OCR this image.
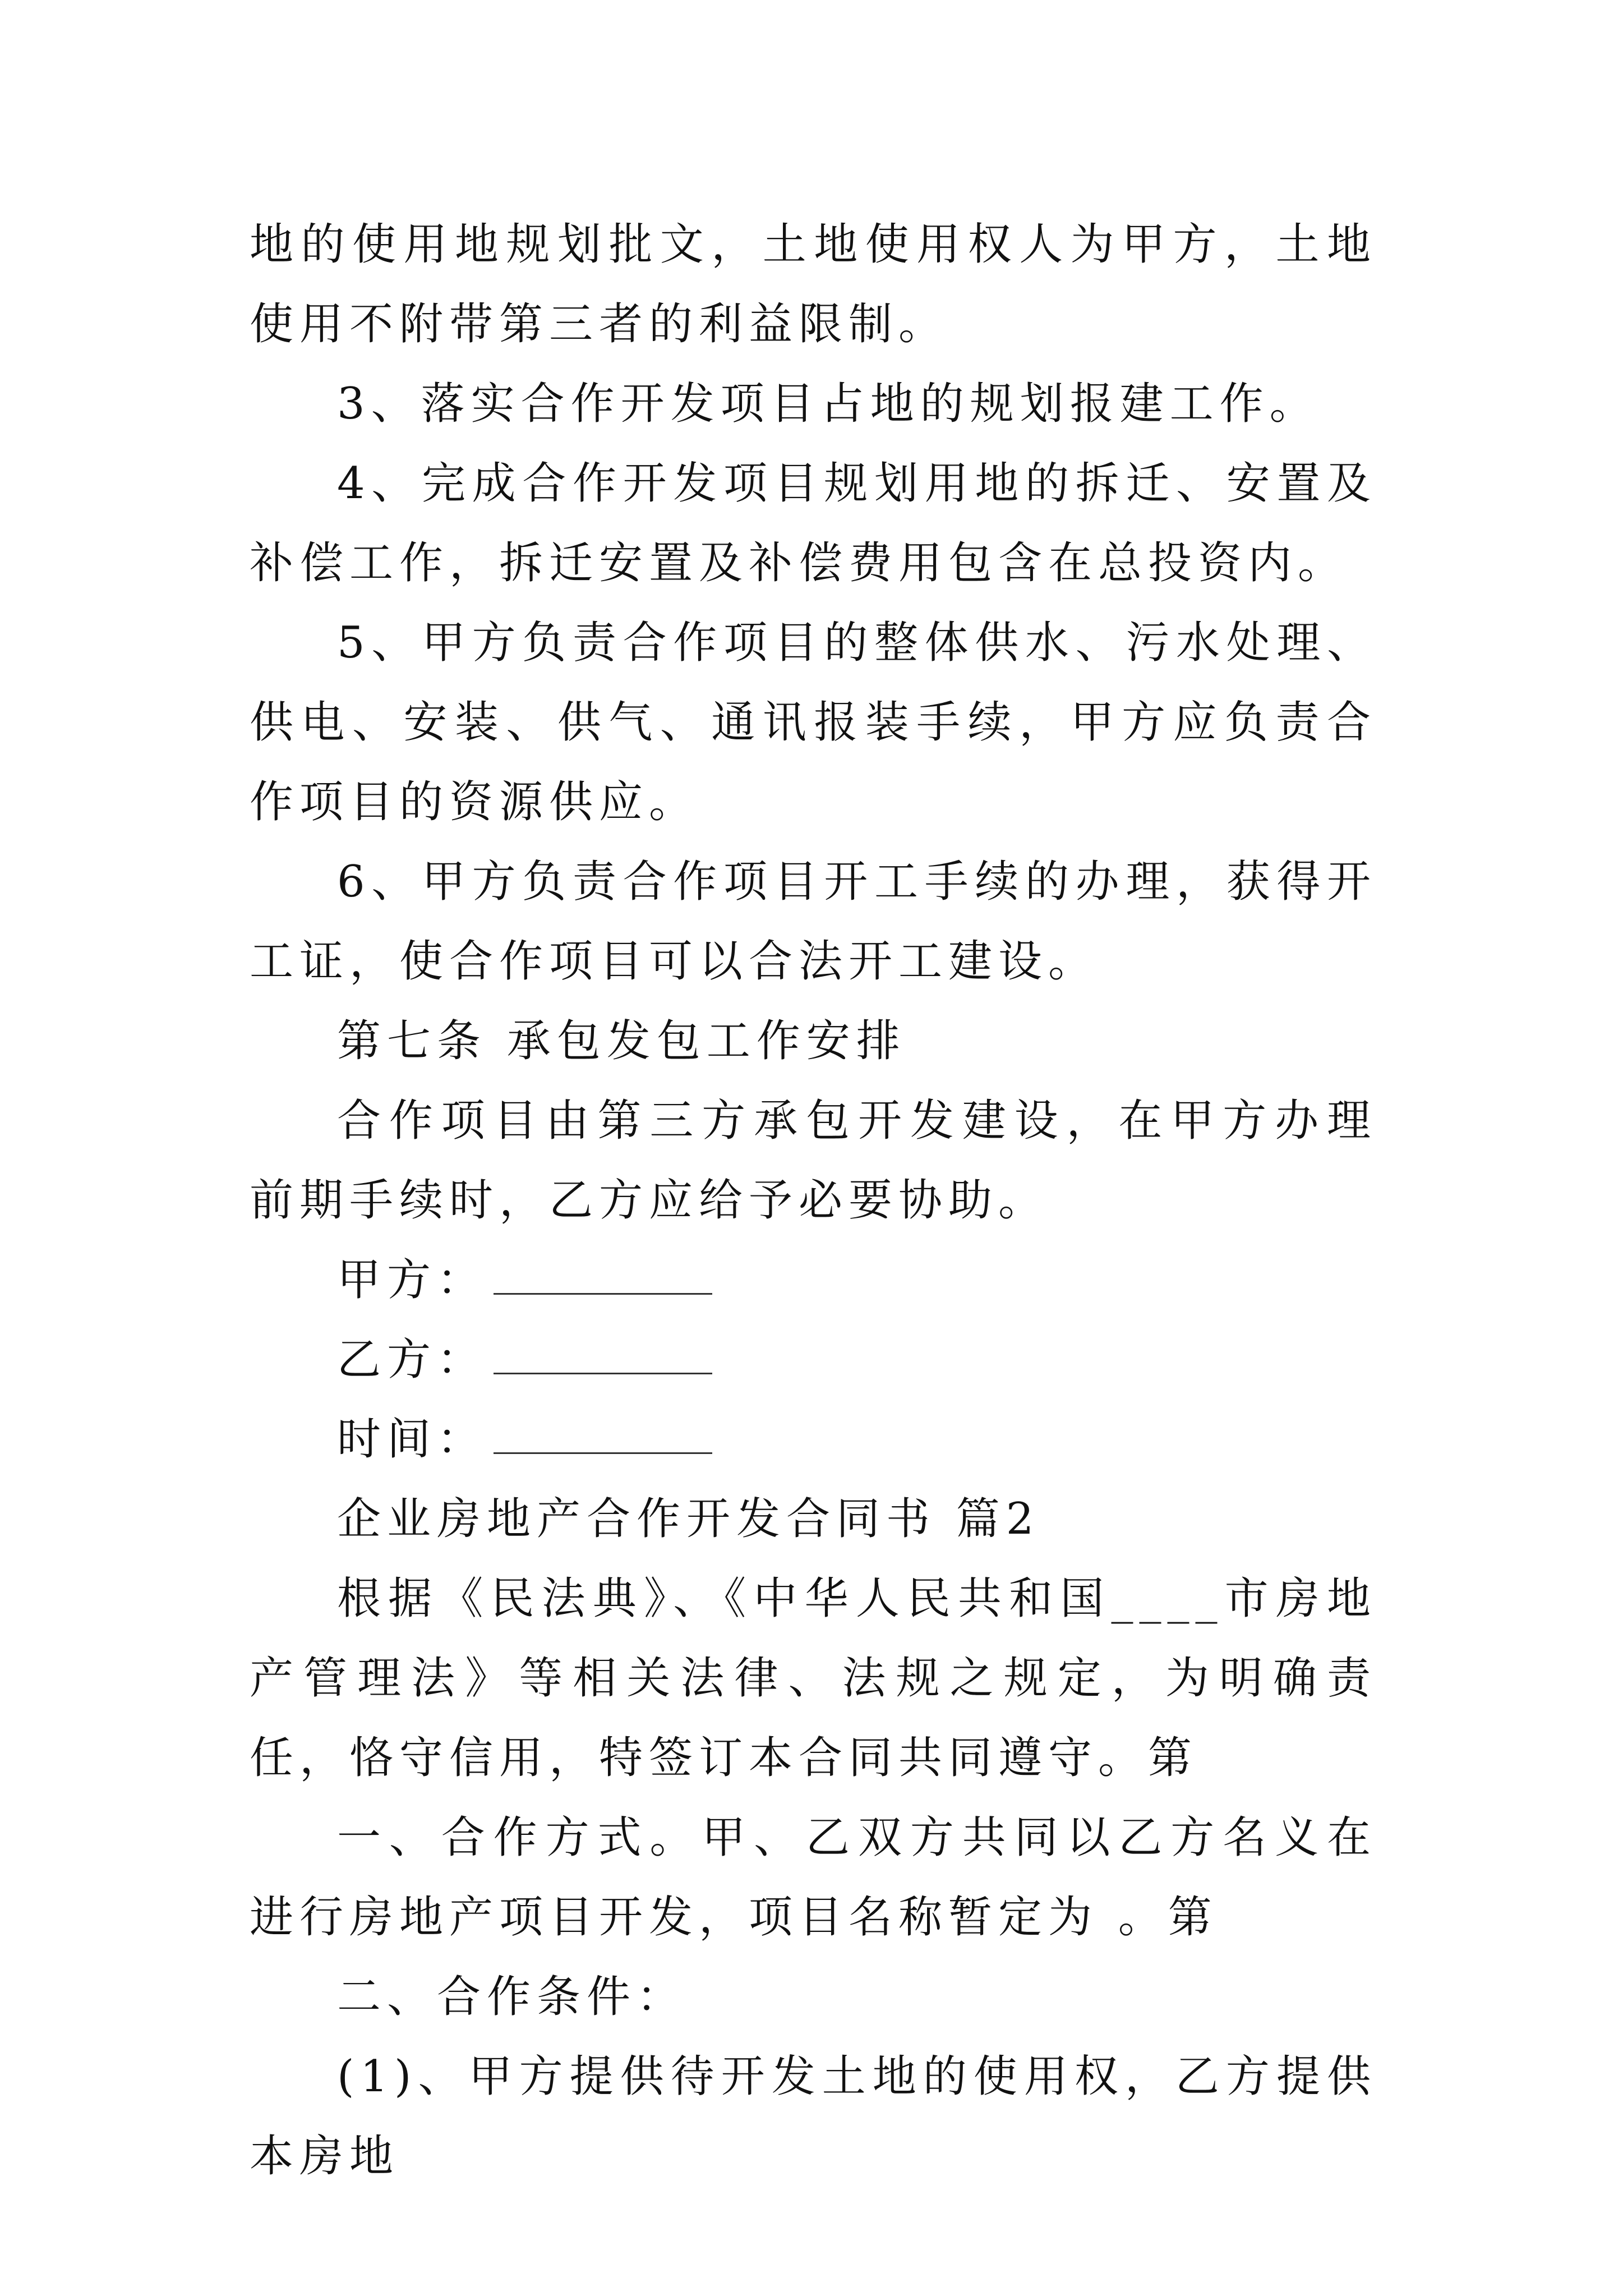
地的使用地规划批文，土地使用权人为甲方，土地使用不附带第三者的利益限制。

3、落实合作开发项目占地的规划报建工作。

4、完成合作开发项目规划用地的拆迁、安置及补偿工作，拆迁安置及补偿费用包含在总投资内。

5、甲方负责合作项目的整体供水、污水处理、供电、安装、供气、通讯报装手续，甲方应负责合作项目的资源供应。

6、甲方负责合作项目开工手续的办理，获得开工证，使合作项目可以合法开工建设。

第七条 承包发包工作安排

合作项目由第三方承包开发建设，在甲方办理前期手续时，乙方应给予必要协助。

甲方：
乙方：
时间：

企业房地产合作开发合同书 篇2

根据《民法典》、《中华人民共和国____市房地产管理法》等相关法律、法规之规定，为明确责任，恪守信用，特签订本合同共同遵守。第

一、合作方式。甲、乙双方共同以乙方名义在 进行房地产项目开发，项目名称暂定为 。第

二、合作条件：

(1)、甲方提供待开发土地的使用权，乙方提供本房地
